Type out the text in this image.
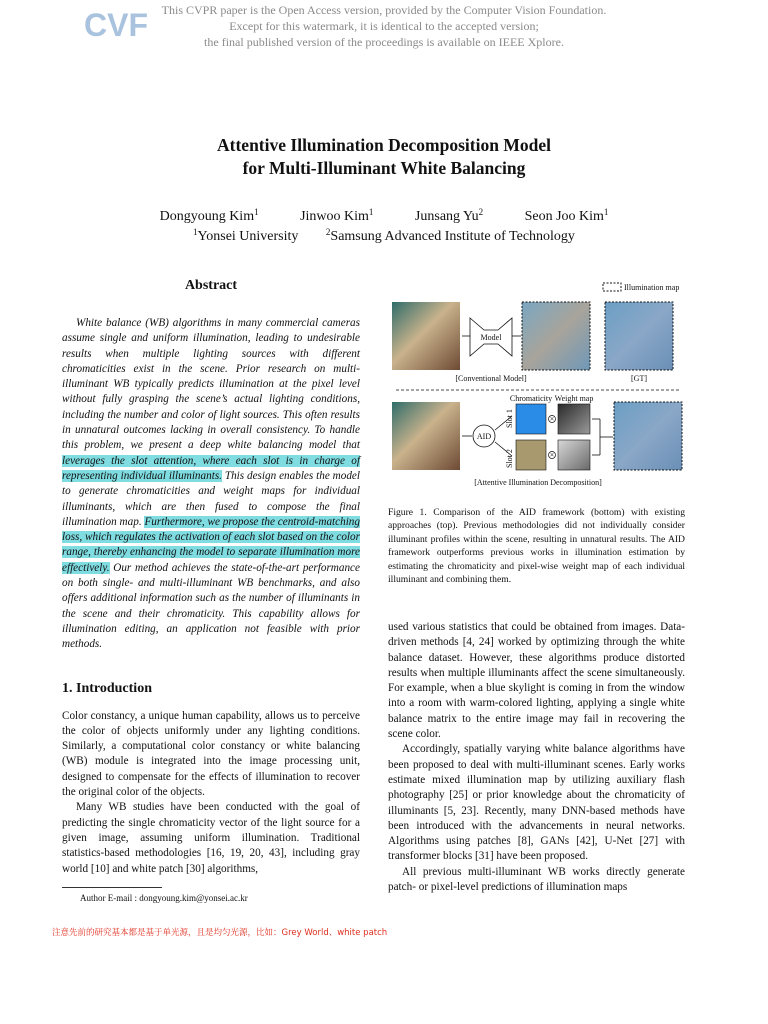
CVF	This CVPR paper is the Open Access version, provided by the Computer Vision Foundation.
Except for this watermark, it is identical to the accepted version;
the final published version of the proceedings is available on IEEE Xplore.
Attentive Illumination Decomposition Model
for Multi-Illuminant White Balancing
Dongyoung Kim$^1$	Jinwoo Kim$^1$	Junsang Yu$^2$	Seon Joo Kim$^1$
$^1$Yonsei University	$^2$Samsung Advanced Institute of Technology
Abstract
White balance (WB) algorithms in many commercial cameras assume single and uniform illumination, leading to undesirable results when multiple lighting sources with different chromaticities exist in the scene. Prior research on multi-illuminant WB typically predicts illumination at the pixel level without fully grasping the scene’s actual lighting conditions, including the number and color of light sources. This often results in unnatural outcomes lacking in overall consistency. To handle this problem, we present a deep white balancing model that leverages the slot attention, where each slot is in charge of representing individual illuminants. This design enables the model to generate chromaticities and weight maps for individual illuminants, which are then fused to compose the final illumination map. Furthermore, we propose the centroid-matching loss, which regulates the activation of each slot based on the color range, thereby enhancing the model to separate illumination more effectively. Our method achieves the state-of-the-art performance on both single- and multi-illuminant WB benchmarks, and also offers additional information such as the number of illuminants in the scene and their chromaticity. This capability allows for illumination editing, an application not feasible with prior methods.
1. Introduction
Color constancy, a unique human capability, allows us to perceive the color of objects uniformly under any lighting conditions. Similarly, a computational color constancy or white balancing (WB) module is integrated into the image processing unit, designed to compensate for the effects of illumination to recover the original color of the objects.
Many WB studies have been conducted with the goal of predicting the single chromaticity vector of the light source for a given image, assuming uniform illumination. Traditional statistics-based methodologies [16, 19, 20, 43], including gray world [10] and white patch [30] algorithms,
Author E-mail : dongyoung.kim@yonsei.ac.kr
注意先前的研究基本都是基于单光源，且是均匀光源，比如：Grey World、white patch
Illumination map
Model
[Conventional Model]	[GT]
AID
Slot 1
Slot 2
Chromaticity Weight map
×
×
[Attentive Illumination Decomposition]
Figure 1. Comparison of the AID framework (bottom) with existing approaches (top). Previous methodologies did not individually consider illuminant profiles within the scene, resulting in unnatural results. The AID framework outperforms previous works in illumination estimation by estimating the chromaticity and pixel-wise weight map of each individual illuminant and combining them.
used various statistics that could be obtained from images. Data-driven methods [4, 24] worked by optimizing through the white balance dataset. However, these algorithms produce distorted results when multiple illuminants affect the scene simultaneously. For example, when a blue skylight is coming in from the window into a room with warm-colored lighting, applying a single white balance matrix to the entire image may fail in recovering the scene color.
Accordingly, spatially varying white balance algorithms have been proposed to deal with multi-illuminant scenes. Early works estimate mixed illumination map by utilizing auxiliary flash photography [25] or prior knowledge about the chromaticity of illuminants [5, 23]. Recently, many DNN-based methods have been introduced with the advancements in neural networks. Algorithms using patches [8], GANs [42], U-Net [27] with transformer blocks [31] have been proposed.
All previous multi-illuminant WB works directly generate patch- or pixel-level predictions of illumination maps
